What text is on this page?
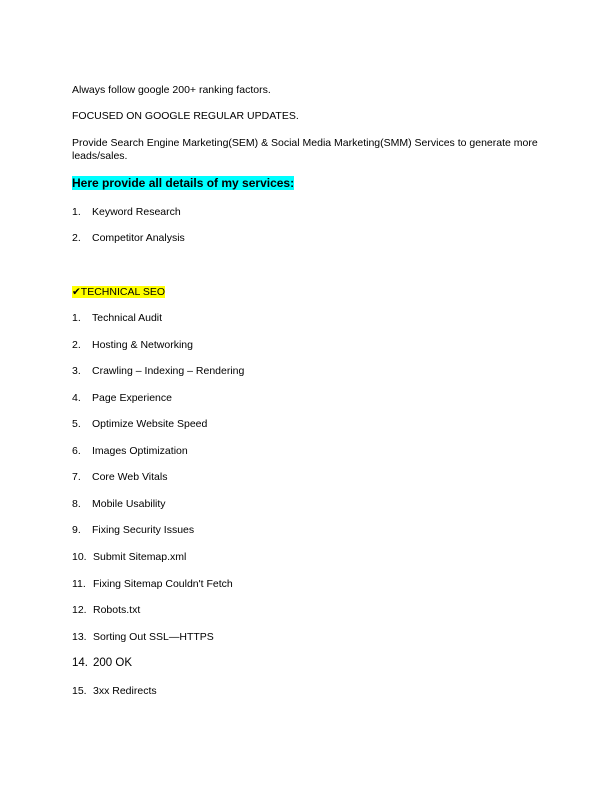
Always follow google 200+ ranking factors.
FOCUSED ON GOOGLE REGULAR UPDATES.
Provide Search Engine Marketing(SEM) & Social Media Marketing(SMM) Services to generate more leads/sales.
Here provide all details of my services:
1. Keyword Research
2. Competitor Analysis
✔TECHNICAL SEO
1. Technical Audit
2. Hosting & Networking
3. Crawling – Indexing – Rendering
4. Page Experience
5. Optimize Website Speed
6. Images Optimization
7. Core Web Vitals
8. Mobile Usability
9. Fixing Security Issues
10. Submit Sitemap.xml
11. Fixing Sitemap Couldn't Fetch
12. Robots.txt
13. Sorting Out SSL—HTTPS
14. 200 OK
15. 3xx Redirects
